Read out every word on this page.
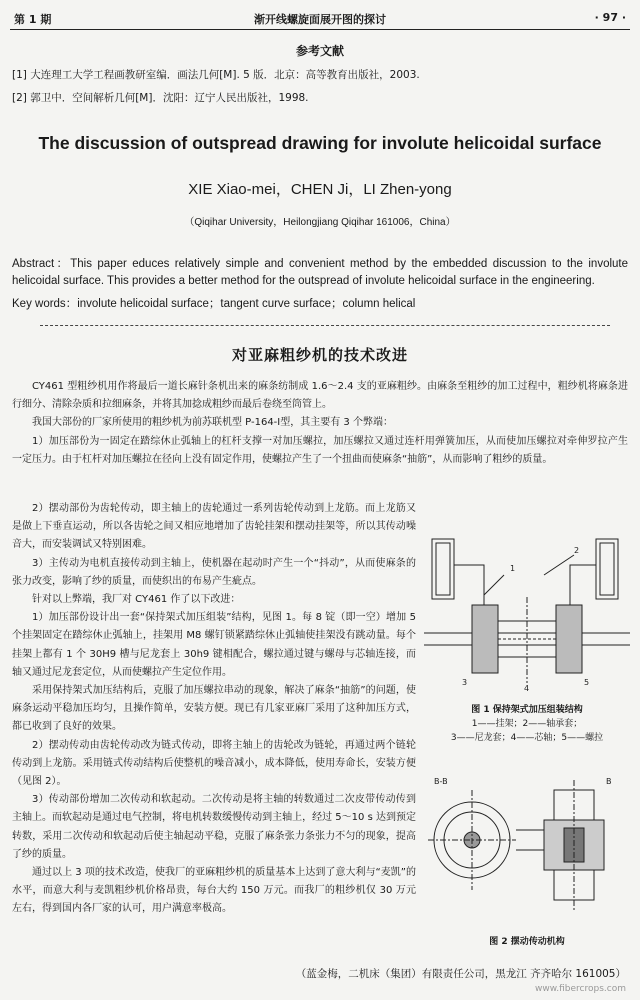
第 1 期	渐开线螺旋面展开图的探讨	· 97 ·
参考文献
[1] 大连理工大学工程画教研室编．画法几何[M]. 5 版．北京：高等教育出版社，2003.
[2] 郭卫中．空间解析几何[M]．沈阳：辽宁人民出版社，1998.
The discussion of outspread drawing for involute helicoidal surface
XIE Xiao-mei，CHEN Ji，LI Zhen-yong
（Qiqihar University，Heilongjiang Qiqihar 161006，China）
Abstract：This paper educes relatively simple and convenient method by the embedded discussion to the involute helicoidal surface. This provides a better method for the outspread of involute helicoidal surface in the engineering.
Key words：involute helicoidal surface；tangent curve surface；column helical
对亚麻粗纱机的技术改进

CY461 型粗纱机用作将最后一道长麻针条机出来的麻条纺制成 1.6～2.4 支的亚麻粗纱。由麻条至粗纱的加工过程中，粗纱机将麻条进行细分、清除杂质和拉细麻条，并将其加捻成粗纱而最后卷绕至筒管上。

我国大部份的厂家所使用的粗纱机为前苏联机型 P-164-Ⅰ型，其主要有 3 个弊端：

1）加压部份为一固定在踏综休止弧轴上的杠杆支撑一对加压螺拉，加压螺拉又通过连杆用弹簧加压，从而使加压螺拉对牵伸罗拉产生一定压力。由于杠杆对加压螺拉在径向上没有固定作用，使螺拉产生了一个扭曲而使麻条“抽筋”，从而影响了粗纱的质量。

2）摆动部份为齿轮传动，即主轴上的齿轮通过一系列齿轮传动到上龙筋。而上龙筋又是做上下垂直运动，所以各齿轮之间又相应地增加了齿轮挂架和摆动挂架等，所以其传动噪音大，而安装调试又特别困难。

3）主传动为电机直接传动到主轴上，使机器在起动时产生一个“抖动”，从而使麻条的张力改变，影响了纱的质量，而使织出的布易产生疵点。

针对以上弊端，我厂对 CY461 作了以下改进：

1）加压部份设计出一套“保持架式加压组装”结构，见图 1。每 8 锭（即一空）增加 5 个挂架固定在踏综休止弧轴上，挂架用 M8 螺钉锁紧踏综休止弧轴使挂架没有跳动量。每个挂架上都有 1 个 30H9 槽与尼龙套上 30h9 键相配合，螺拉通过键与螺母与芯轴连接，而轴又通过尼龙套定位，从而使螺拉产生定位作用。

采用保持架式加压结构后，克服了加压螺拉串动的现象，解决了麻条“抽筋”的问题，使麻条运动平稳加压均匀，且操作简单，安装方便。现已有几家亚麻厂采用了这种加压方式，都已收到了良好的效果。

2）摆动传动由齿轮传动改为链式传动，即将主轴上的齿轮改为链轮，再通过两个链轮传动到上龙筋。采用链式传动结构后使整机的噪音减小，成本降低，使用寿命长，安装方便（见图 2）。

3）传动部份增加二次传动和软起动。二次传动是将主轴的转数通过二次皮带传动传到主轴上。而软起动是通过电气控制，将电机转数缓慢传动到主轴上，经过 5～10 s 达到预定转数，采用二次传动和软起动后使主轴起动平稳，克服了麻条张力条张力不匀的现象，提高了纱的质量。

通过以上 3 项的技术改造，使我厂的亚麻粗纱机的质量基本上达到了意大利与“麦凯”的水平，而意大利与麦凯粗纱机价格昂贵，每台大约 150 万元。而我厂的粗纱机仅 30 万元左右，得到国内各厂家的认可，用户满意率极高。

1
2
3
4
5
图 1 保持架式加压组装结构
1——挂架；2——轴承套；
3——尼龙套；4——芯轴；5——螺拉
B-B	B
图 2 摆动传动机构
（蓝金梅，二机床（集团）有限责任公司，黑龙江 齐齐哈尔 161005）
www.fibercrops.com
